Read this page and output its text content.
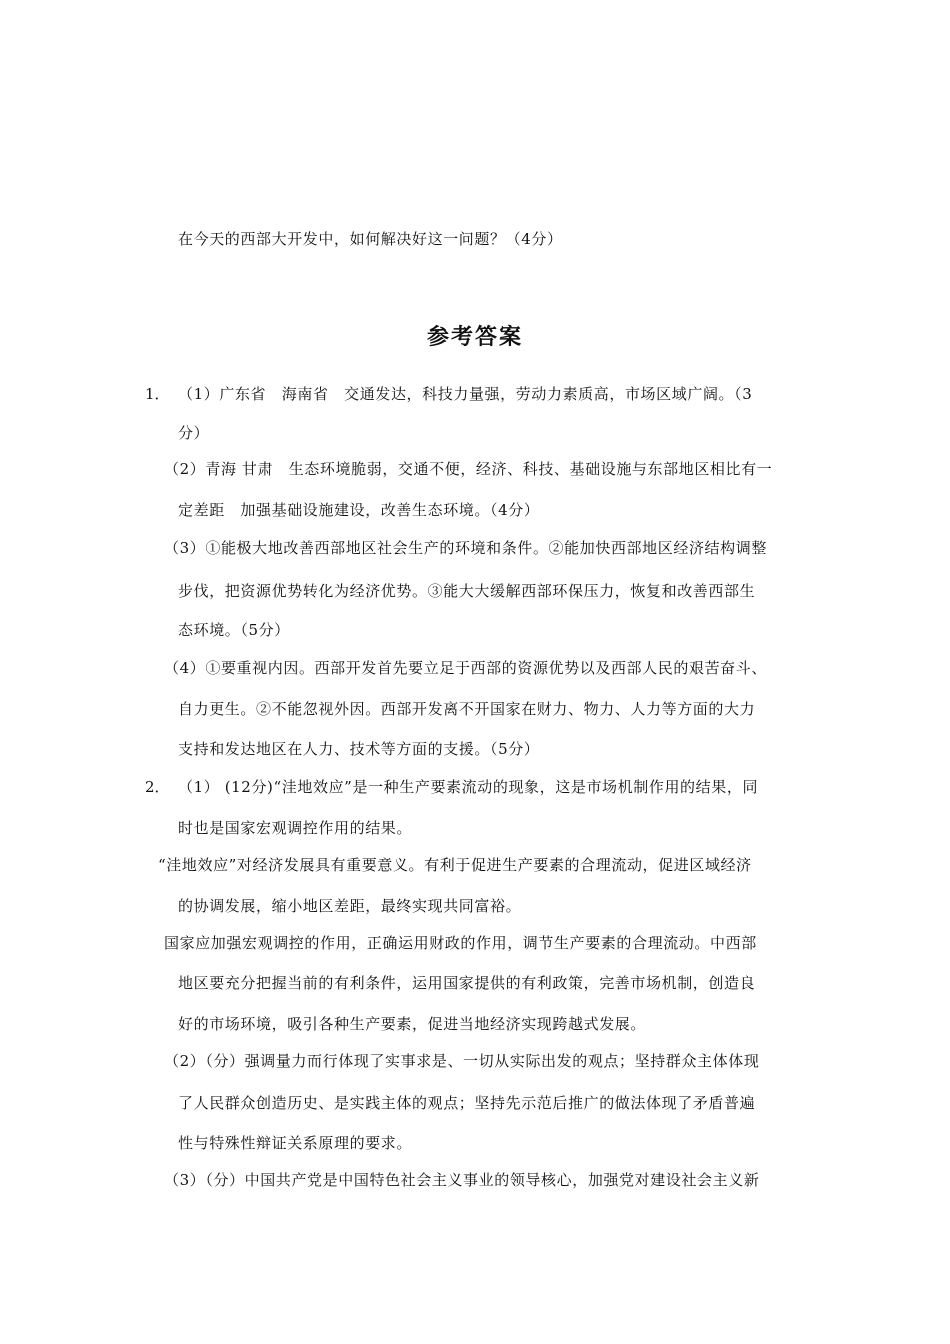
在今天的西部大开发中，如何解决好这一问题？（4分）
参考答案
1． （1）广东省　海南省　交通发达，科技力量强，劳动力素质高，市场区域广阔。（3
分）
（2）青海 甘肃　生态环境脆弱，交通不便，经济、科技、基础设施与东部地区相比有一
定差距　加强基础设施建设，改善生态环境。（4分）
（3）①能极大地改善西部地区社会生产的环境和条件。②能加快西部地区经济结构调整
步伐，把资源优势转化为经济优势。③能大大缓解西部环保压力，恢复和改善西部生
态环境。（5分）
（4）①要重视内因。西部开发首先要立足于西部的资源优势以及西部人民的艰苦奋斗、
自力更生。②不能忽视外因。西部开发离不开国家在财力、物力、人力等方面的大力
支持和发达地区在人力、技术等方面的支援。（5分）
2． （1） (12分)“洼地效应”是一种生产要素流动的现象，这是市场机制作用的结果，同
时也是国家宏观调控作用的结果。
“洼地效应”对经济发展具有重要意义。有利于促进生产要素的合理流动，促进区域经济
的协调发展，缩小地区差距，最终实现共同富裕。
国家应加强宏观调控的作用，正确运用财政的作用，调节生产要素的合理流动。中西部
地区要充分把握当前的有利条件，运用国家提供的有利政策，完善市场机制，创造良
好的市场环境，吸引各种生产要素，促进当地经济实现跨越式发展。
（2）（分）强调量力而行体现了实事求是、一切从实际出发的观点；坚持群众主体体现
了人民群众创造历史、是实践主体的观点；坚持先示范后推广的做法体现了矛盾普遍
性与特殊性辩证关系原理的要求。
（3）（分）中国共产党是中国特色社会主义事业的领导核心，加强党对建设社会主义新
